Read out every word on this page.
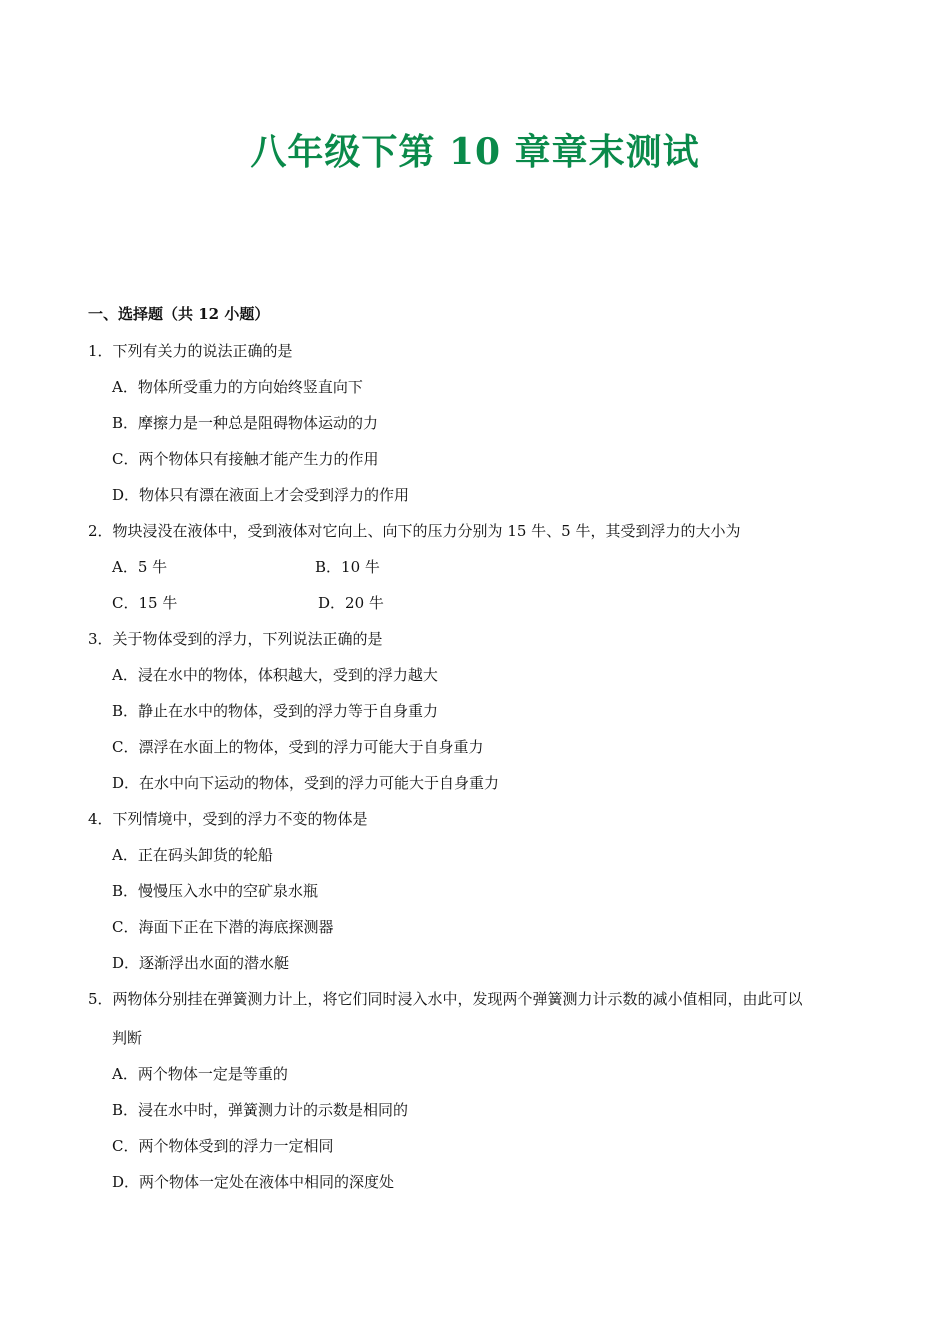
八年级下第 10 章章末测试
一、选择题（共 12 小题）
1．下列有关力的说法正确的是
A．物体所受重力的方向始终竖直向下
B．摩擦力是一种总是阻碍物体运动的力
C．两个物体只有接触才能产生力的作用
D．物体只有漂在液面上才会受到浮力的作用
2．物块浸没在液体中，受到液体对它向上、向下的压力分别为 15 牛、5 牛，其受到浮力的大小为
A．5 牛	B．10 牛
C．15 牛	D．20 牛
3．关于物体受到的浮力，下列说法正确的是
A．浸在水中的物体，体积越大，受到的浮力越大
B．静止在水中的物体，受到的浮力等于自身重力
C．漂浮在水面上的物体，受到的浮力可能大于自身重力
D．在水中向下运动的物体，受到的浮力可能大于自身重力
4．下列情境中，受到的浮力不变的物体是
A．正在码头卸货的轮船
B．慢慢压入水中的空矿泉水瓶
C．海面下正在下潜的海底探测器
D．逐渐浮出水面的潜水艇
5．两物体分别挂在弹簧测力计上，将它们同时浸入水中，发现两个弹簧测力计示数的减小值相同，由此可以
判断
A．两个物体一定是等重的
B．浸在水中时，弹簧测力计的示数是相同的
C．两个物体受到的浮力一定相同
D．两个物体一定处在液体中相同的深度处
